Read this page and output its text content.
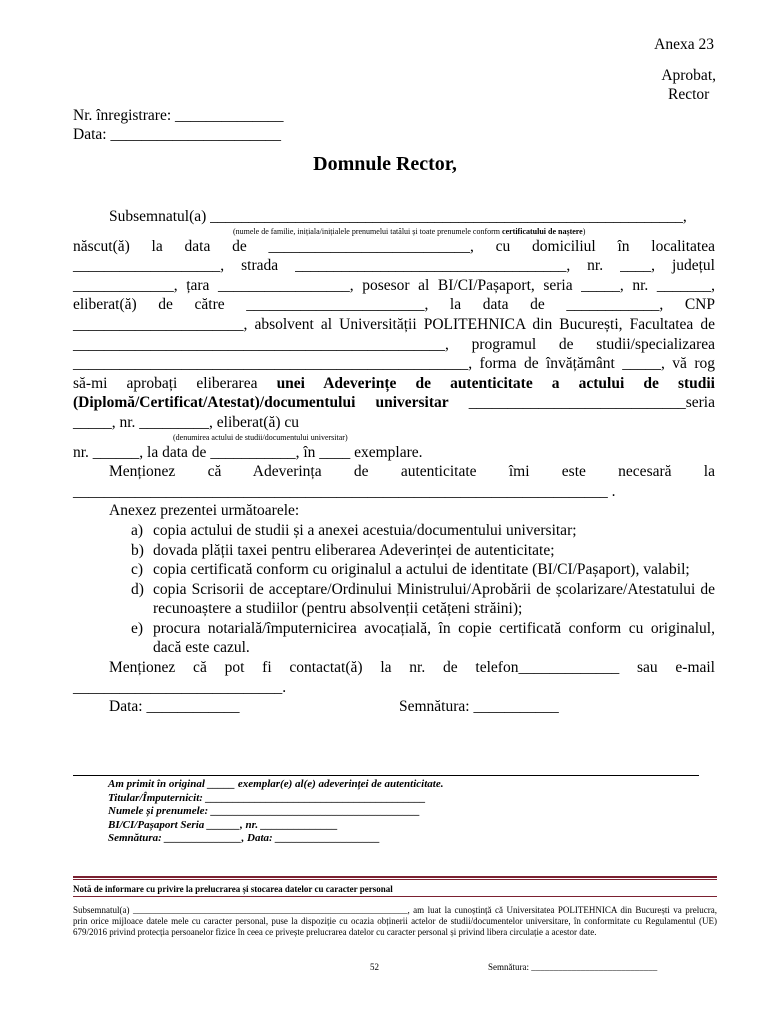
Anexa 23
Aprobat,
Rector
Nr. înregistrare: ______________
Data: ______________________
Domnule Rector,

Subsemnatul(a) _____________________________________________________________,

(numele de familie, inițiala/inițialele prenumelui tatălui și toate prenumele conform certificatului de naștere)

născut(ă) la data de __________________________, cu domiciliul în localitatea ___________________, strada ___________________________________, nr. ____, județul _____________, țara _________________, posesor al BI/CI/Pașaport, seria _____, nr. _______, eliberat(ă) de către _______________________, la data de ____________, CNP ______________________, absolvent al Universității POLITEHNICA din București, Facultatea de ________________________________________________, programul de studii/specializarea ___________________________________________________, forma de învățământ _____, vă rog să-mi aprobați eliberarea unei Adeverințe de autenticitate a actului de studii (Diplomă/Certificat/Atestat)/documentului universitar ____________________________seria _____, nr. _________, eliberat(ă) cu

(denumirea actului de studii/documentului universitar)

nr. ______, la data de ___________, în ____ exemplare.

Menționez că Adeverința de autenticitate îmi este necesară la _____________________________________________________________________ .

Anexez prezentei următoarele:

a) copia actului de studii și a anexei acestuia/documentului universitar;
b) dovada plății taxei pentru eliberarea Adeverinței de autenticitate;
c) copia certificată conform cu originalul a actului de identitate (BI/CI/Pașaport), valabil;
d) copia Scrisorii de acceptare/Ordinului Ministrului/Aprobării de școlarizare/Atestatului de recunoaștere a studiilor (pentru absolvenții cetățeni străini);
e) procura notarială/împuternicirea avocațială, în copie certificată conform cu originalul, dacă este cazul.

Menționez că pot fi contactat(ă) la nr. de telefon_____________ sau e-mail ___________________________.

Data: ____________	Semnătura: ___________
Am primit în original _____ exemplar(e) al(e) adeverinței de autenticitate.
Titular/Împuternicit: ________________________________________
Numele și prenumele: ______________________________________
BI/CI/Pașaport Seria ______, nr. ______________
Semnătura: ______________, Data: ___________________
Notă de informare cu privire la prelucrarea și stocarea datelor cu caracter personal
Subsemnatul(a) _____________________________________________________________, am luat la cunoștință că Universitatea POLITEHNICA din București va prelucra, prin orice mijloace datele mele cu caracter personal, puse la dispoziție cu ocazia obținerii actelor de studii/documentelor universitare, în conformitate cu Regulamentul (UE) 679/2016 privind protecția persoanelor fizice în ceea ce privește prelucrarea datelor cu caracter personal și privind libera circulație a acestor date.
52	Semnătura: ____________________________
